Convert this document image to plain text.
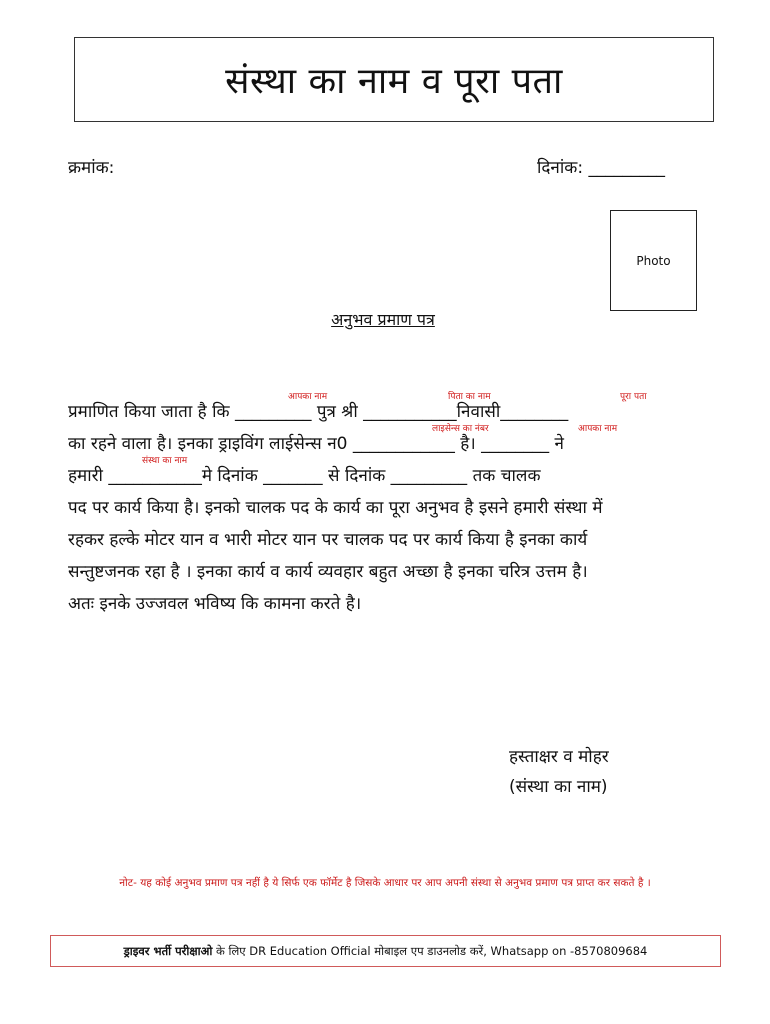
संस्था का नाम व पूरा पता
क्रमांक:	दिनांक: _________
Photo
अनुभव प्रमाण पत्र
आपका नाम	पिता का नाम	पूरा पता
प्रमाणित किया जाता है कि _________ पुत्र श्री ___________निवासी________
लाइसेन्स का नंबर	आपका नाम
का रहने वाला है। इनका ड्राइविंग लाईसेन्स न0 ____________ है। ________ ने
संस्था का नाम
हमारी ___________मे दिनांक _______ से दिनांक _________ तक चालक
पद पर कार्य किया है। इनको चालक पद के कार्य का पूरा अनुभव है इसने हमारी संस्था में
रहकर हल्के मोटर यान व भारी मोटर यान पर चालक पद पर कार्य किया है इनका कार्य
सन्तुष्टजनक रहा है । इनका कार्य व कार्य व्यवहार बहुत अच्छा है इनका चरित्र उत्तम है।
अतः इनके उज्जवल भविष्य कि कामना करते है।
हस्ताक्षर व मोहर
(संस्था का नाम)
नोट- यह कोई अनुभव प्रमाण पत्र नहीं है ये सिर्फ एक फॉर्मेट है जिसके आधार पर आप अपनी संस्था से अनुभव प्रमाण पत्र प्राप्त कर सकते है ।
ड्राइवर भर्ती परीक्षाओ के लिए DR Education Official मोबाइल एप डाउनलोड करें, Whatsapp on -8570809684
